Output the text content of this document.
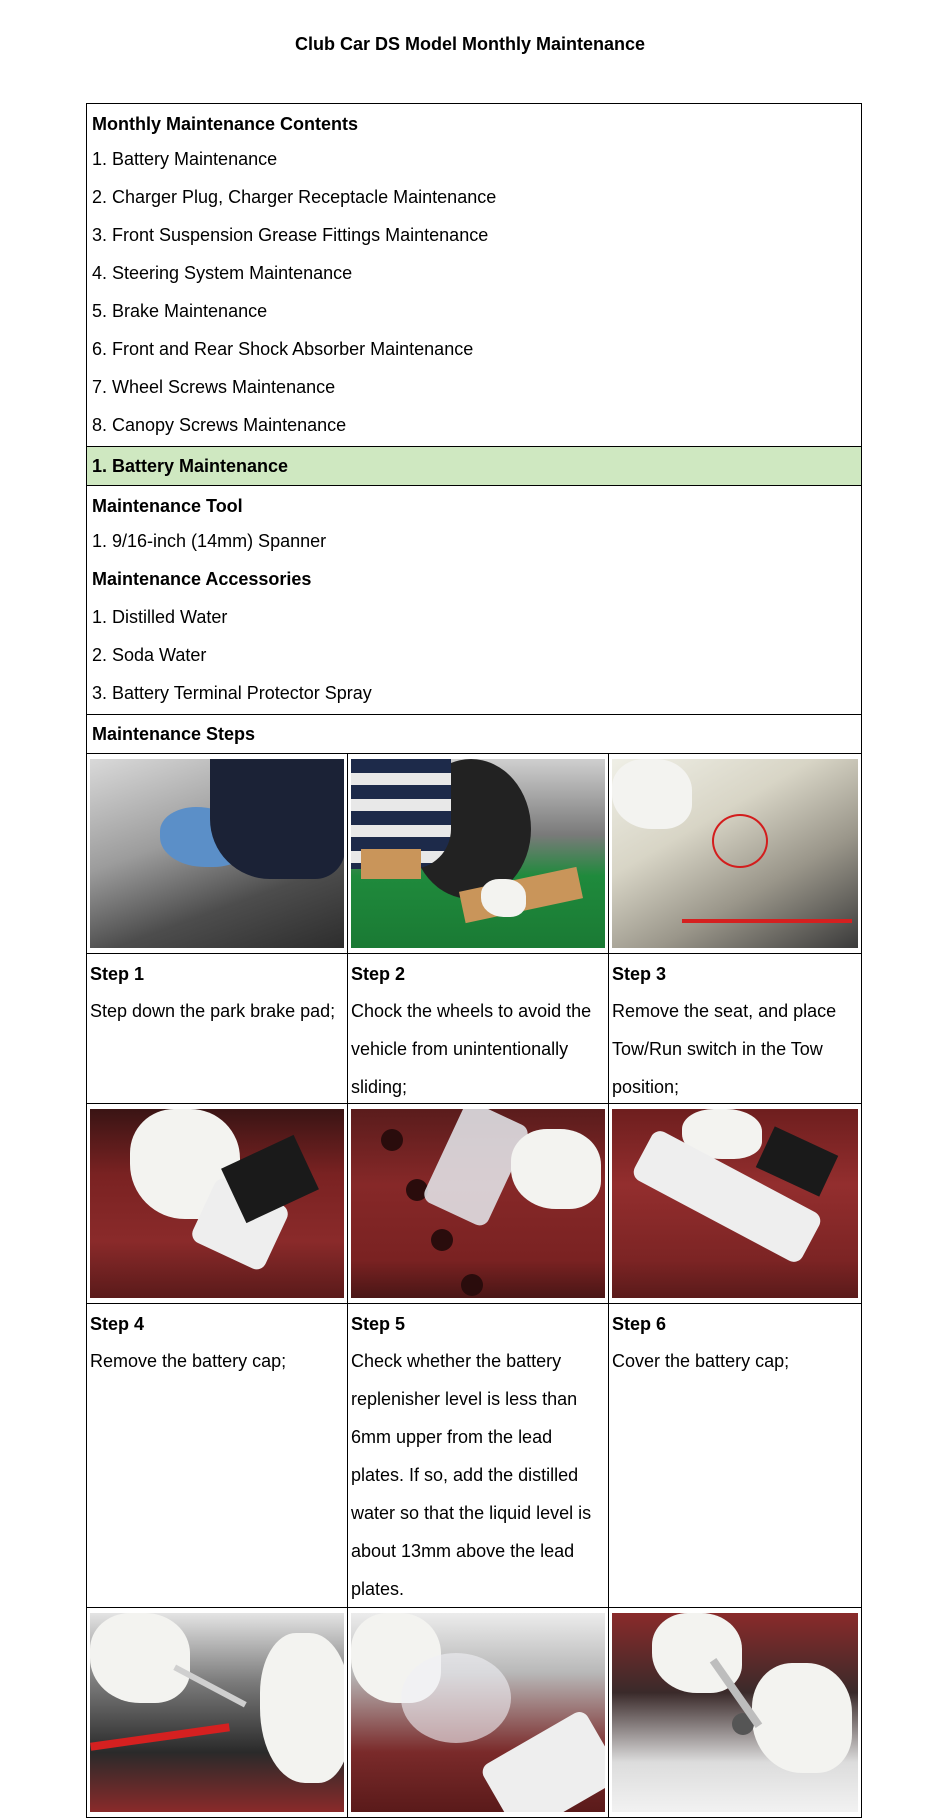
Club Car DS Model Monthly Maintenance
Monthly Maintenance Contents
1. Battery Maintenance
2. Charger Plug, Charger Receptacle Maintenance
3. Front Suspension Grease Fittings Maintenance
4. Steering System Maintenance
5. Brake Maintenance
6. Front and Rear Shock Absorber Maintenance
7. Wheel Screws Maintenance
8. Canopy Screws Maintenance
1. Battery Maintenance
Maintenance Tool
1. 9/16-inch (14mm) Spanner
Maintenance Accessories
1. Distilled Water
2. Soda Water
3. Battery Terminal Protector Spray
Maintenance Steps
Step 1
Step down the park brake pad;
Step 2
Chock the wheels to avoid the vehicle from unintentionally sliding;
Step 3
Remove the seat, and place Tow/Run switch in the Tow position;
Step 4
Remove the battery cap;
Step 5
Check whether the battery replenisher level is less than 6mm upper from the lead plates. If so, add the distilled water so that the liquid level is about 13mm above the lead plates.
Step 6
Cover the battery cap;
